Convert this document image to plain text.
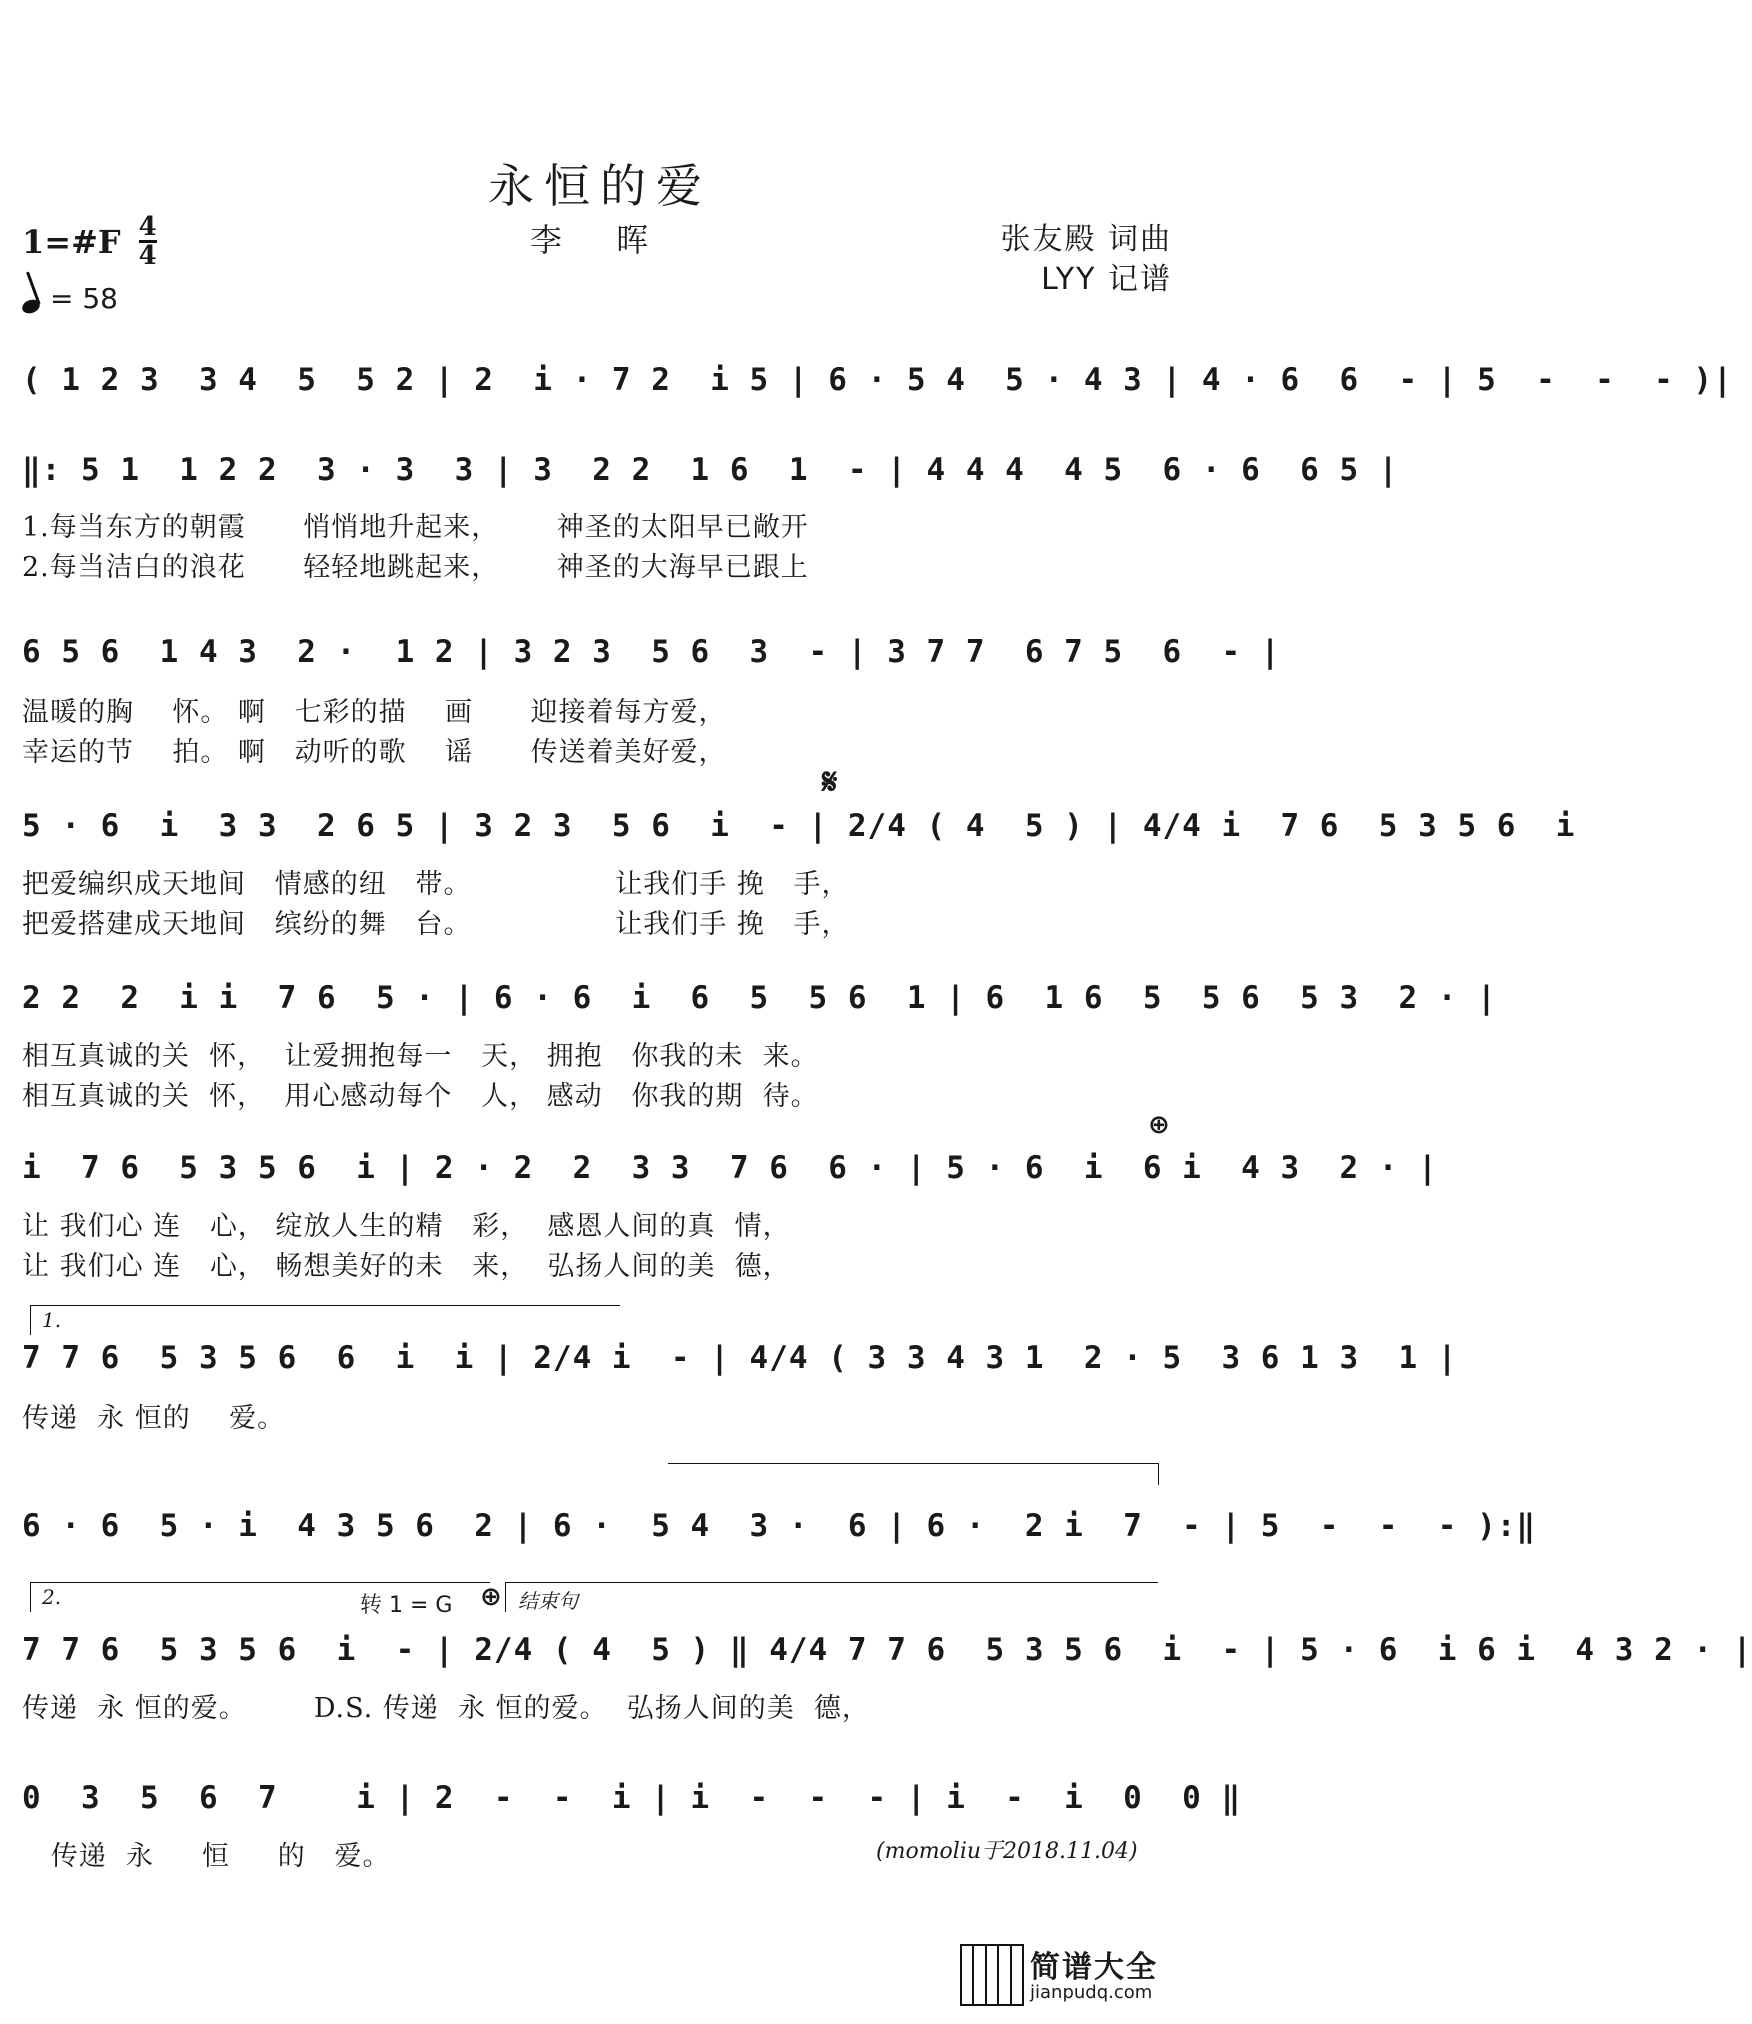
永恒的爱
李 晖
1=#F $\frac{4}{4}$
= 58
张友殿 词曲
LYY 记谱
( 1 2 3  3 4  5  5 2 | 2  i · 7 2  i 5 | 6 · 5 4  5 · 4 3 | 4 · 6  6  - | 5  -  -  - )|
‖: 5 1  1 2 2  3 · 3  3 | 3  2 2  1 6  1  - | 4 4 4  4 5  6 · 6  6 5 |
1.每当东方的朝霞      悄悄地升起来，      神圣的太阳早已敞开
2.每当洁白的浪花      轻轻地跳起来，      神圣的大海早已跟上
6 5 6  1 4 3  2 ·  1 2 | 3 2 3  5 6  3  - | 3 7 7  6 7 5  6  - |
温暖的胸    怀。 啊   七彩的描    画      迎接着每方爱，
幸运的节    拍。 啊   动听的歌    谣      传送着美好爱，
𝄋
5 · 6  i  3 3  2 6 5 | 3 2 3  5 6  i  - | 2/4 ( 4  5 ) | 4/4 i  7 6  5 3 5 6  i
把爱编织成天地间   情感的纽   带。               让我们手 挽   手，
把爱搭建成天地间   缤纷的舞   台。               让我们手 挽   手，
2 2  2  i i  7 6  5 · | 6 · 6  i  6  5  5 6  1 | 6  1 6  5  5 6  5 3  2 · |
相互真诚的关  怀，  让爱拥抱每一   天， 拥抱   你我的未  来。
相互真诚的关  怀，  用心感动每个   人， 感动   你我的期  待。
⊕
i  7 6  5 3 5 6  i | 2 · 2  2  3 3  7 6  6 · | 5 · 6  i  6 i  4 3  2 · |
让 我们心 连   心， 绽放人生的精   彩，  感恩人间的真  情，
让 我们心 连   心， 畅想美好的未   来，  弘扬人间的美  德，
1.
7 7 6  5 3 5 6  6  i  i | 2/4 i  - | 4/4 ( 3 3 4 3 1  2 · 5  3 6 1 3  1 |
传递  永 恒的    爱。
6 · 6  5 · i  4 3 5 6  2 | 6 ·  5 4  3 ·  6 | 6 ·  2 i  7  - | 5  -  -  - ):‖
2.	转 1 = G ⊕ 结束句
7 7 6  5 3 5 6  i  - | 2/4 ( 4  5 ) ‖ 4/4 7 7 6  5 3 5 6  i  - | 5 · 6  i 6 i  4 3 2 · |
传递  永 恒的爱。       D.S. 传递  永 恒的爱。  弘扬人间的美  德，
0  3  5  6  7    i | 2  -  -  i | i  -  -  - | i  -  i  0  0 ‖
传递  永     恒     的   爱。	(momoliu于2018.11.04)
简谱大全
jianpudq.com
